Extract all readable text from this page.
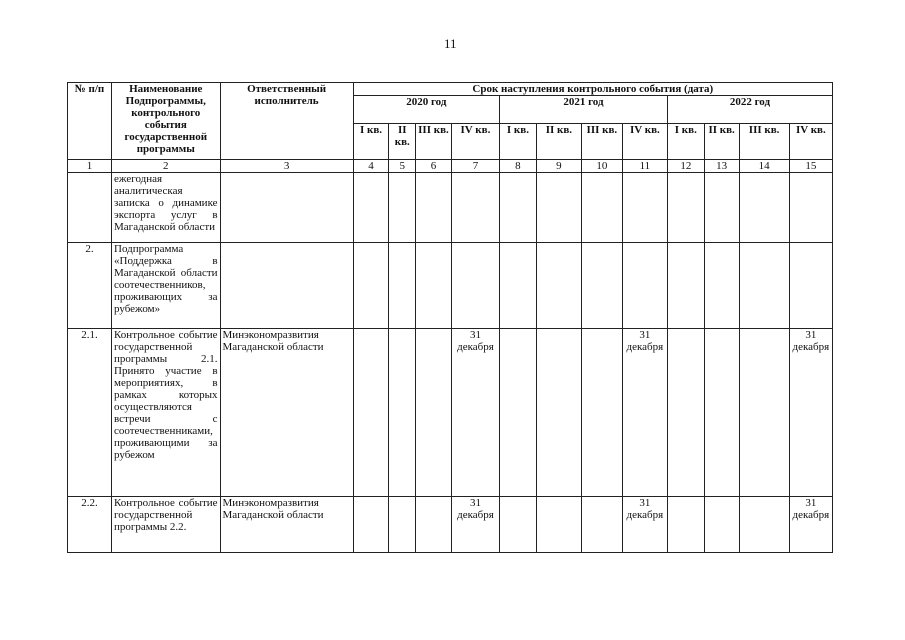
11
№ п/п	Наименование Подпрограммы, контрольного события государственной программы	Ответственный исполнитель	Срок наступления контрольного события (дата)											
			2020 год				2021 год				2022 год			
			I кв.	II кв.	III кв.	IV кв.	I кв.	II кв.	III кв.	IV кв.	I кв.	II кв.	III кв.	IV кв.
1	2	3	4	5	6	7	8	9	10	11	12	13	14	15
	ежегодная аналитическая записка о динамике экспорта услуг в Магаданской области													
2.	Подпрограмма «Поддержка в Магаданской области соотечественников, проживающих за рубежом»													
2.1.	Контрольное событие государственной программы 2.1. Принято участие в мероприятиях, в рамках которых осуществляются встречи с соотечественниками, проживающими за рубежом	Минэкономразвития Магаданской области				31 декабря				31 декабря				31 декабря
2.2.	Контрольное событие государственной программы 2.2.	Минэкономразвития Магаданской области				31 декабря				31 декабря				31 декабря
